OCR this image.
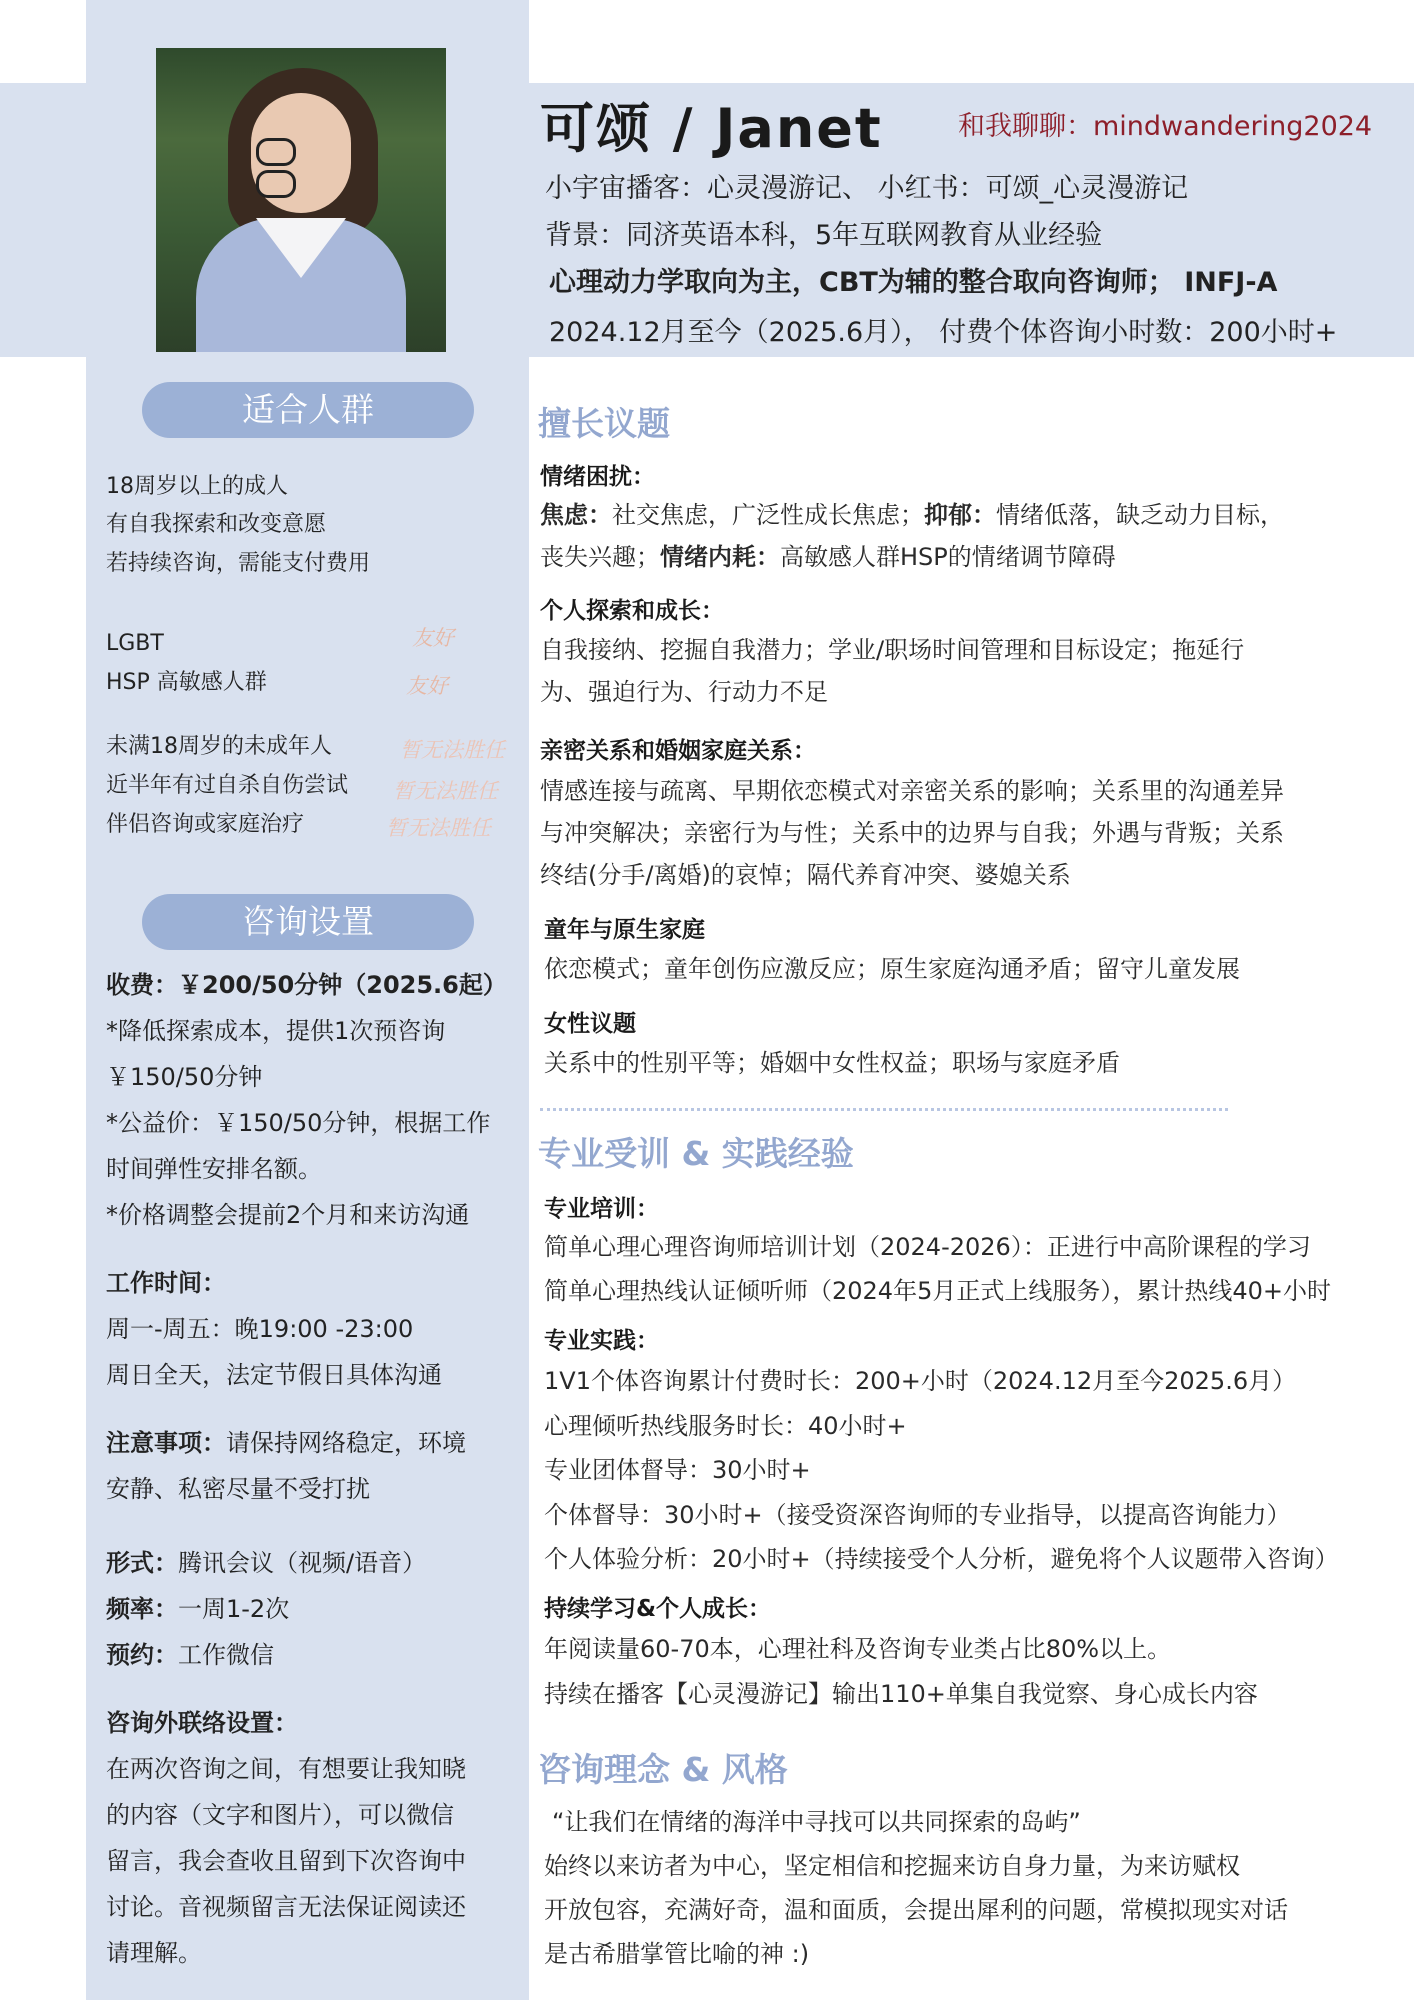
可颂 / Janet	和我聊聊：mindwandering2024
小宇宙播客：心灵漫游记、 小红书：可颂_心灵漫游记
背景：同济英语本科，5年互联网教育从业经验
心理动力学取向为主，CBT为辅的整合取向咨询师； INFJ-A
2024.12月至今（2025.6月）， 付费个体咨询小时数：200小时+
适合人群
18周岁以上的成人
有自我探索和改变意愿
若持续咨询，需能支付费用
LGBT	友好
HSP 高敏感人群	友好
未满18周岁的未成年人	暂无法胜任
近半年有过自杀自伤尝试 暂无法胜任
伴侣咨询或家庭治疗	暂无法胜任
咨询设置
收费：￥200/50分钟（2025.6起）
*降低探索成本，提供1次预咨询
￥150/50分钟
*公益价：￥150/50分钟，根据工作
时间弹性安排名额。
*价格调整会提前2个月和来访沟通
工作时间：
周一-周五：晚19:00 -23:00
周日全天，法定节假日具体沟通
注意事项：请保持网络稳定，环境
安静、私密尽量不受打扰
形式：腾讯会议（视频/语音）
频率：一周1-2次
预约：工作微信
咨询外联络设置：
在两次咨询之间，有想要让我知晓
的内容（文字和图片），可以微信
留言，我会查收且留到下次咨询中
讨论。音视频留言无法保证阅读还
请理解。
擅长议题
情绪困扰：
焦虑：社交焦虑，广泛性成长焦虑；抑郁：情绪低落，缺乏动力目标，
丧失兴趣；情绪内耗：高敏感人群HSP的情绪调节障碍
个人探索和成长：
自我接纳、挖掘自我潜力；学业/职场时间管理和目标设定；拖延行
为、强迫行为、行动力不足
亲密关系和婚姻家庭关系：
情感连接与疏离、早期依恋模式对亲密关系的影响；关系里的沟通差异
与冲突解决；亲密行为与性；关系中的边界与自我；外遇与背叛；关系
终结(分手/离婚)的哀悼；隔代养育冲突、婆媳关系
童年与原生家庭
依恋模式；童年创伤应激反应；原生家庭沟通矛盾；留守儿童发展
女性议题
关系中的性别平等；婚姻中女性权益；职场与家庭矛盾
专业受训 & 实践经验
专业培训：
简单心理心理咨询师培训计划（2024-2026）：正进行中高阶课程的学习
简单心理热线认证倾听师（2024年5月正式上线服务），累计热线40+小时
专业实践：
1V1个体咨询累计付费时长：200+小时（2024.12月至今2025.6月）
心理倾听热线服务时长：40小时+
专业团体督导：30小时+
个体督导：30小时+（接受资深咨询师的专业指导，以提高咨询能力）
个人体验分析：20小时+（持续接受个人分析，避免将个人议题带入咨询）
持续学习&个人成长：
年阅读量60-70本，心理社科及咨询专业类占比80%以上。
持续在播客【心灵漫游记】输出110+单集自我觉察、身心成长内容
咨询理念 & 风格
“让我们在情绪的海洋中寻找可以共同探索的岛屿”
始终以来访者为中心，坚定相信和挖掘来访自身力量，为来访赋权
开放包容，充满好奇，温和面质，会提出犀利的问题，常模拟现实对话
是古希腊掌管比喻的神 :)
